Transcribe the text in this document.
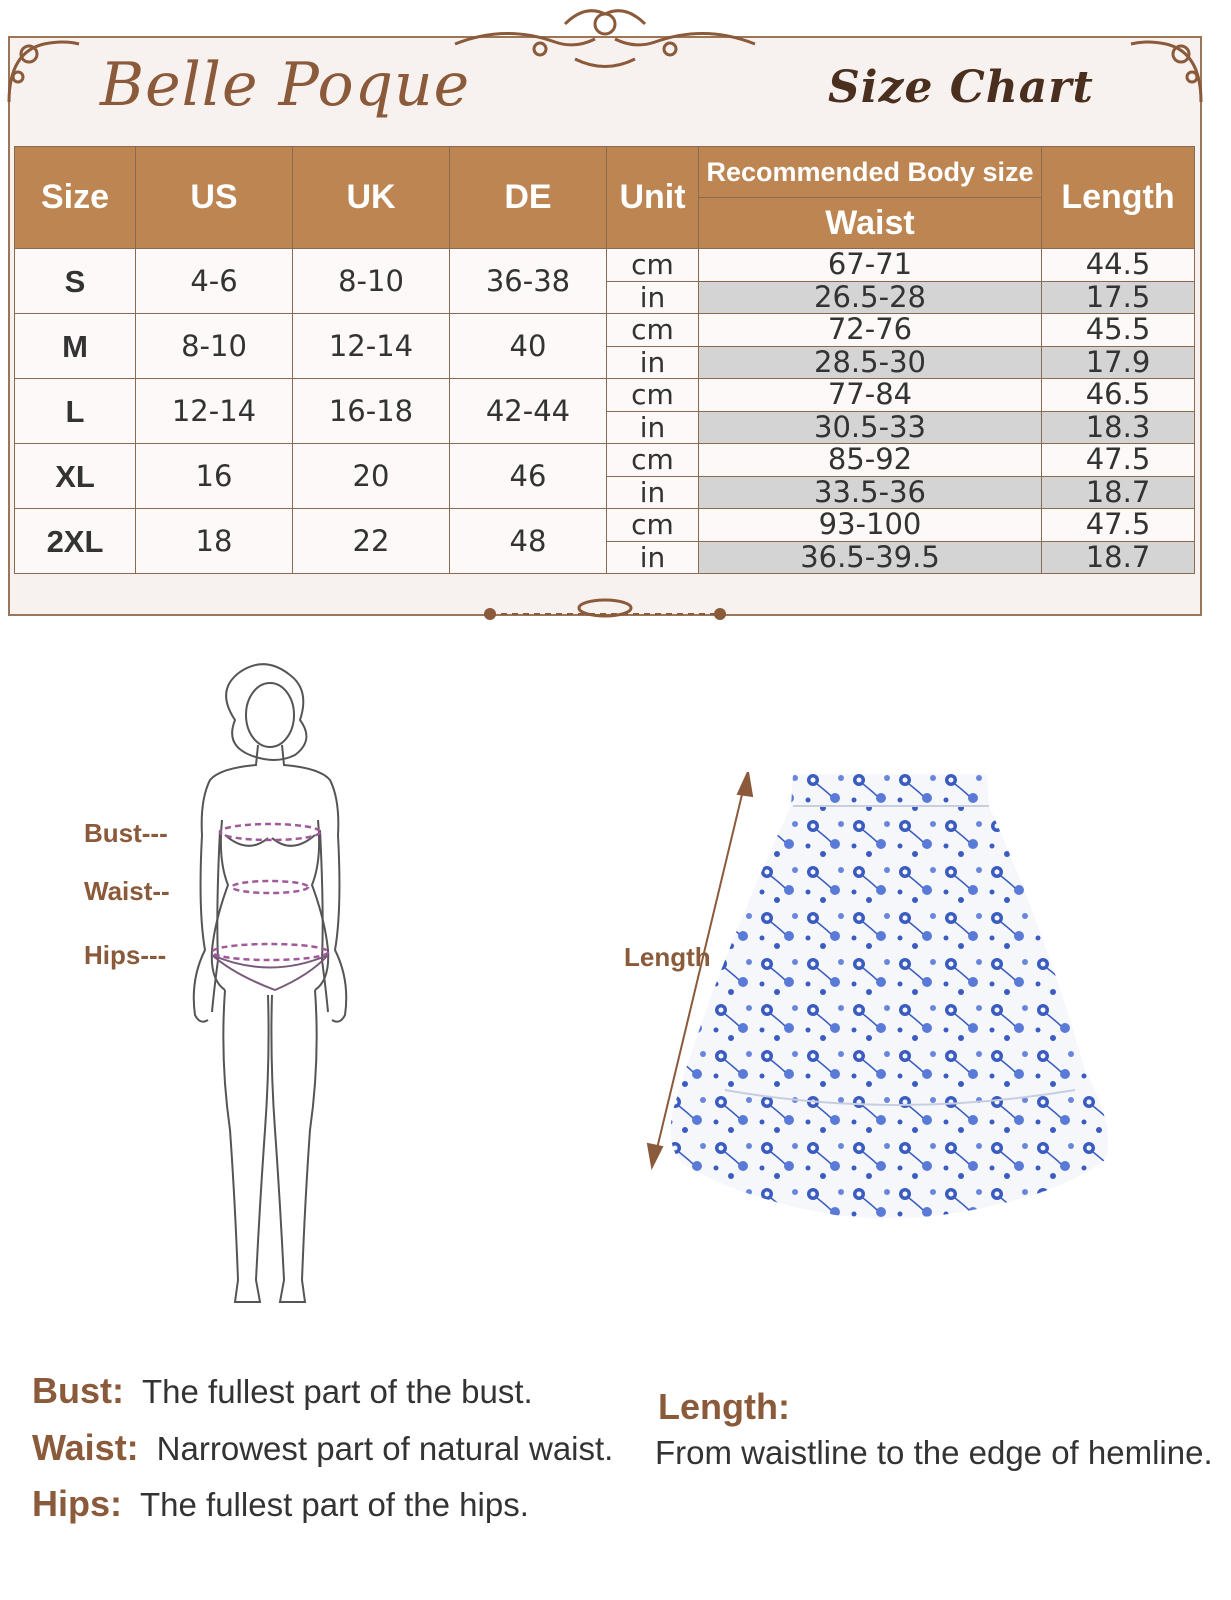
Belle Poque	Size Chart
Size	US	UK	DE	Unit	Recommended Body size	Length
					Waist	
S	4-6	8-10	36-38	cm	67-71	44.5
				in	26.5-28	17.5
M	8-10	12-14	40	cm	72-76	45.5
				in	28.5-30	17.9
L	12-14	16-18	42-44	cm	77-84	46.5
				in	30.5-33	18.3
XL	16	20	46	cm	85-92	47.5
				in	33.5-36	18.7
2XL	18	22	48	cm	93-100	47.5
				in	36.5-39.5	18.7
Bust---
Waist--
Hips---	Length
Bust: The fullest part of the bust.
Waist: Narrowest part of natural waist.
Hips: The fullest part of the hips.
Length:
From waistline to the edge of hemline.
